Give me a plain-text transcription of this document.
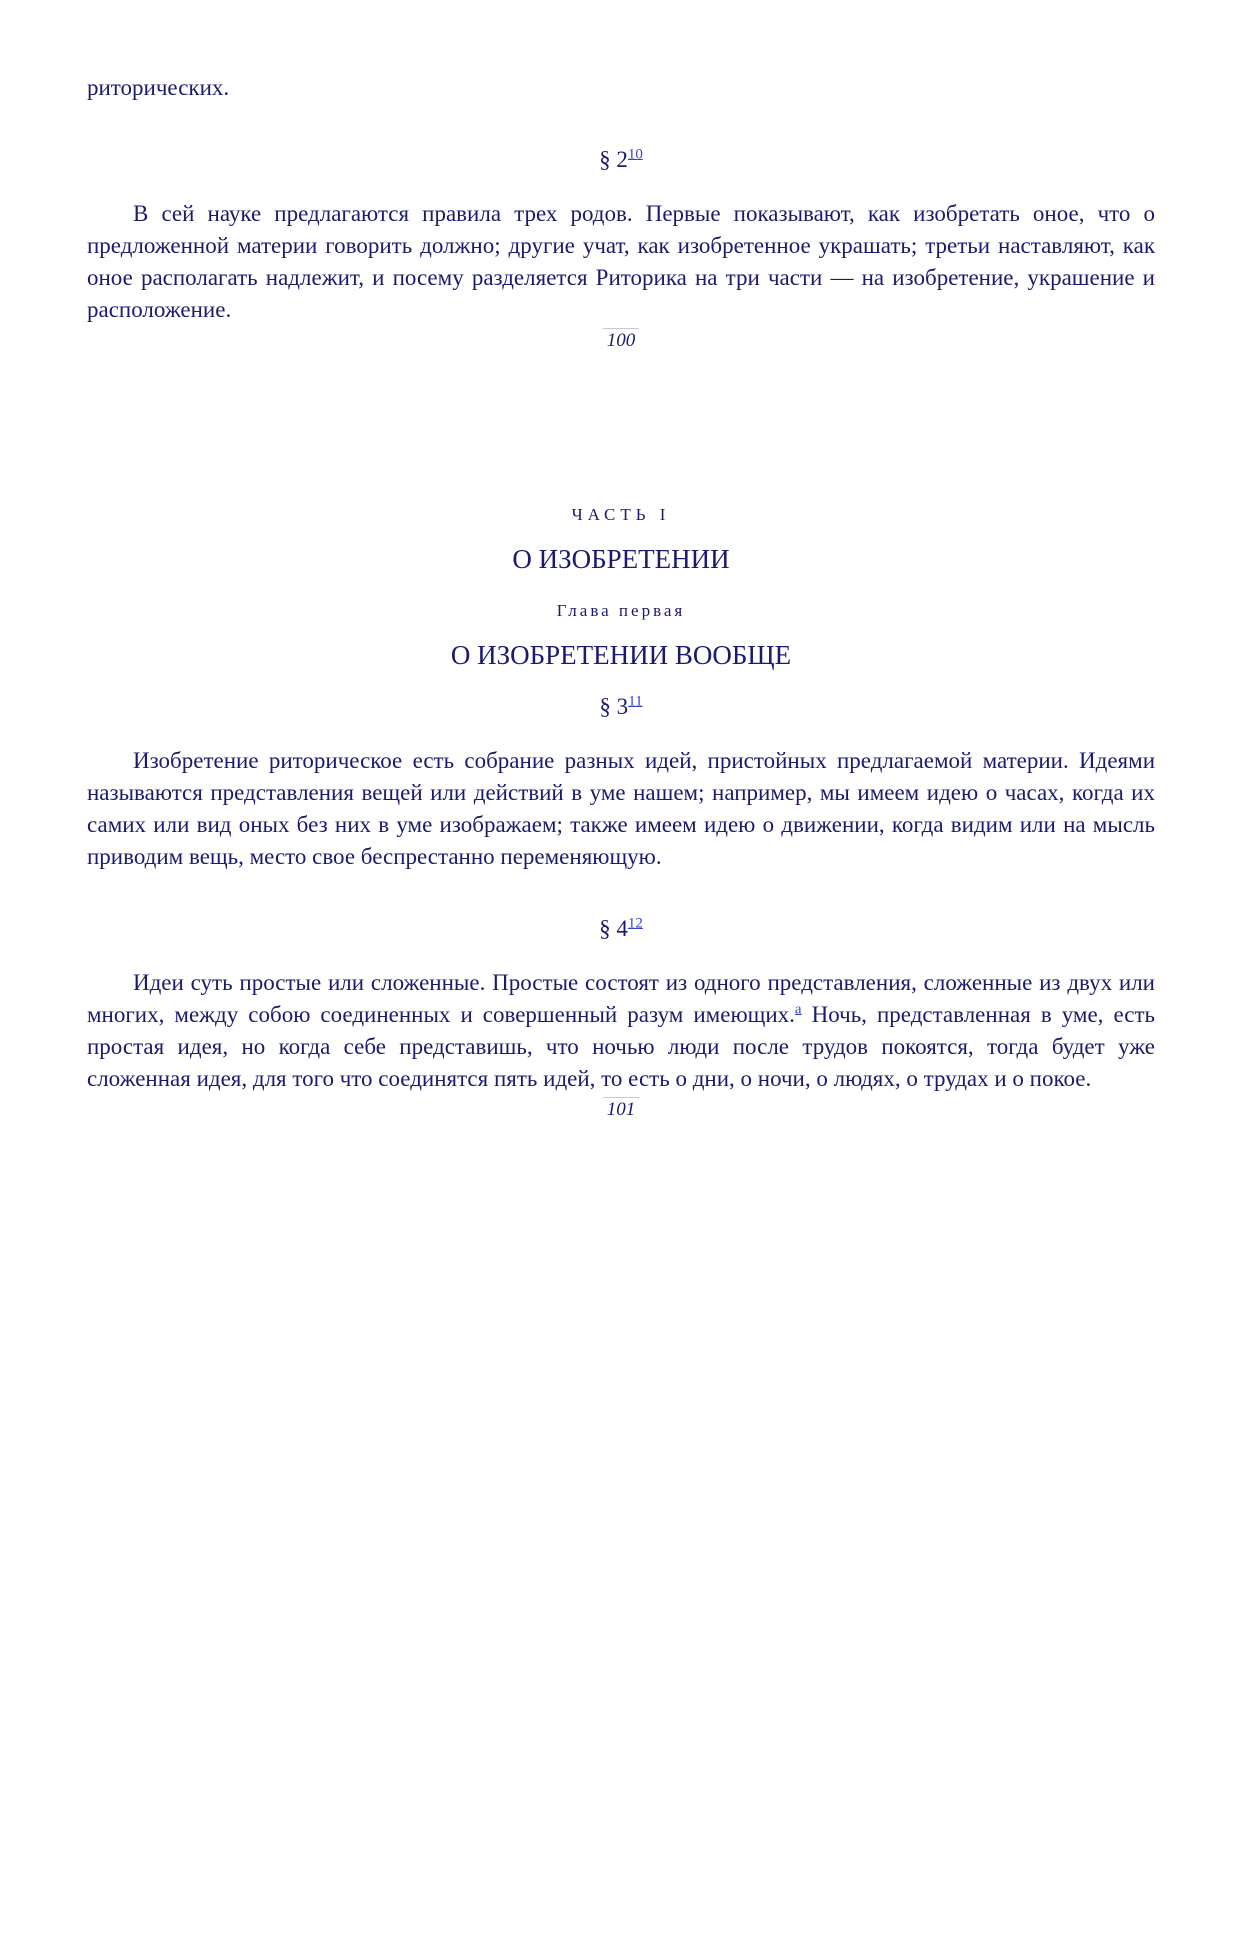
риторических.

§ 2$^{10}$

В сей науке предлагаются правила трех родов. Первые показывают, как изобретать оное, что о предложенной материи говорить должно; другие учат, как изобретенное украшать; третьи наставляют, как оное располагать надлежит, и посему разделяется Риторика на три части — на изобретение, украшение и расположение.

100
ЧАСТЬ I
О ИЗОБРЕТЕНИИ
Глава первая
О ИЗОБРЕТЕНИИ ВООБЩЕ

§ 3$^{11}$

Изобретение риторическое есть собрание разных идей, пристойных предлагаемой материи. Идеями называются представления вещей или действий в уме нашем; например, мы имеем идею о часах, когда их самих или вид оных без них в уме изображаем; также имеем идею о движении, когда видим или на мысль приводим вещь, место свое беспрестанно переменяющую.

§ 4$^{12}$

Идеи суть простые или сложенные. Простые состоят из одного представления, сложенные из двух или многих, между собою соединенных и совершенный разум имеющих.$^a$ Ночь, представленная в уме, есть простая идея, но когда себе представишь, что ночью люди после трудов покоятся, тогда будет уже сложенная идея, для того что соединятся пять идей, то есть о дни, о ночи, о людях, о трудах и о покое.

101
